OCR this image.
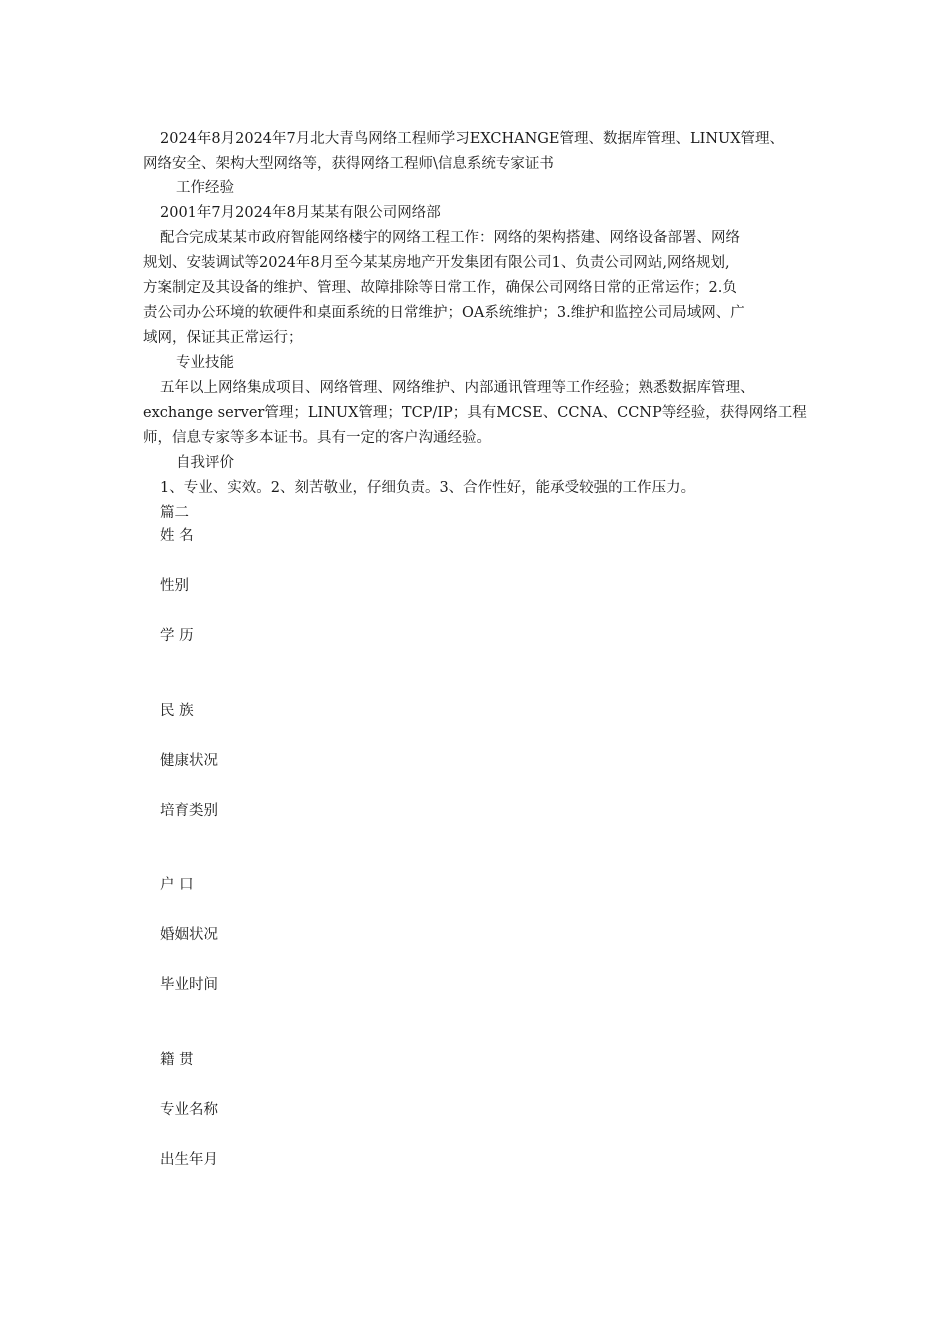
2024年8月2024年7月北大青鸟网络工程师学习EXCHANGE管理、数据库管理、LINUX管理、
网络安全、架构大型网络等，获得网络工程师\信息系统专家证书
工作经验
2001年7月2024年8月某某有限公司网络部
配合完成某某市政府智能网络楼宇的网络工程工作：网络的架构搭建、网络设备部署、网络
规划、安装调试等2024年8月至今某某房地产开发集团有限公司1、负责公司网站,网络规划,
方案制定及其设备的维护、管理、故障排除等日常工作，确保公司网络日常的正常运作；2.负
责公司办公环境的软硬件和桌面系统的日常维护；OA系统维护；3.维护和监控公司局域网、广
域网，保证其正常运行；
专业技能
五年以上网络集成项目、网络管理、网络维护、内部通讯管理等工作经验；熟悉数据库管理、
exchange server管理；LINUX管理；TCP/IP；具有MCSE、CCNA、CCNP等经验，获得网络工程
师，信息专家等多本证书。具有一定的客户沟通经验。
自我评价
1、专业、实效。2、刻苦敬业，仔细负责。3、合作性好，能承受较强的工作压力。
篇二
姓 名
性别
学 历
民 族
健康状况
培育类别
户 口
婚姻状况
毕业时间
籍 贯
专业名称
出生年月
